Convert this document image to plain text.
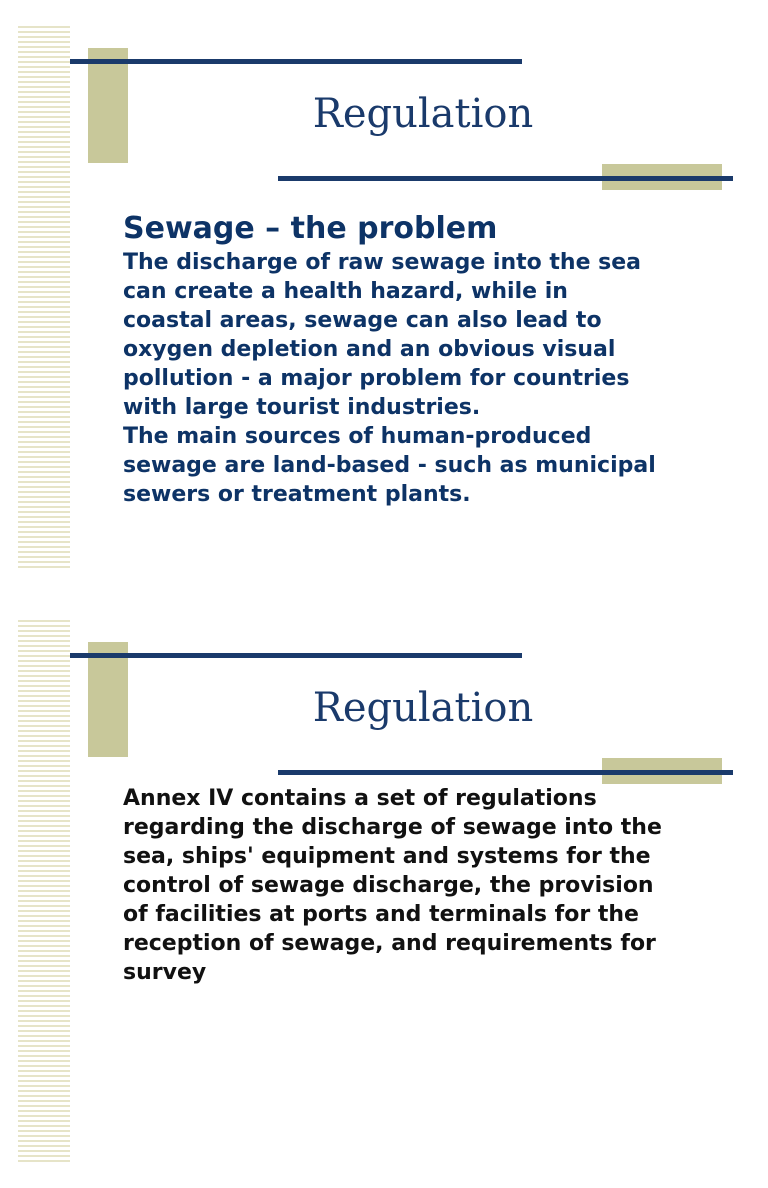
Regulation

Sewage – the problem

The discharge of raw sewage into the sea can create a health hazard, while in coastal areas, sewage can also lead to oxygen depletion and an obvious visual pollution - a major problem for countries with large tourist industries.

The main sources of human-produced sewage are land-based - such as municipal sewers or treatment plants.

Regulation

Annex IV contains a set of regulations regarding the discharge of sewage into the sea, ships' equipment and systems for the control of sewage discharge, the provision of facilities at ports and terminals for the reception of sewage, and requirements for survey
